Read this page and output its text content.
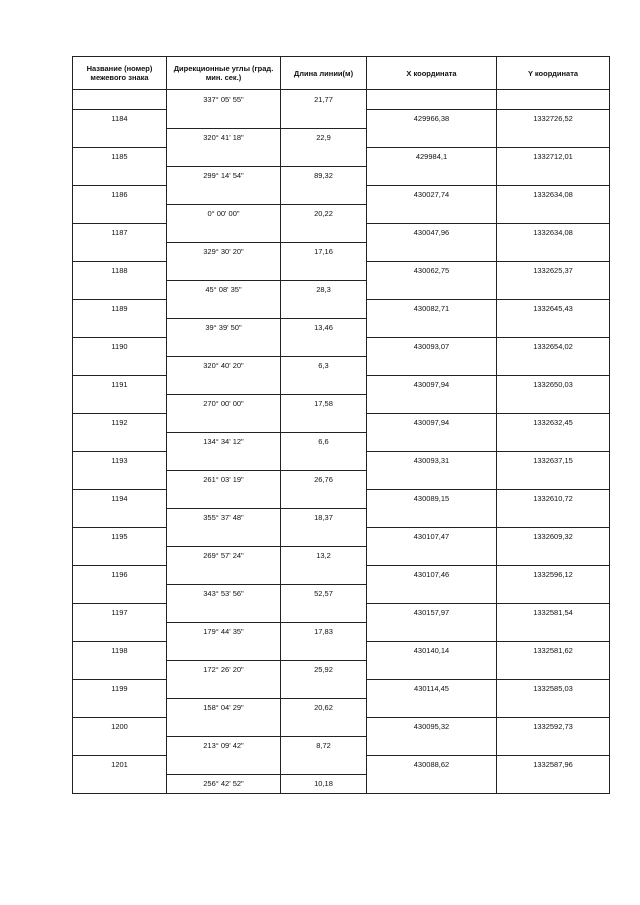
Название (номер) межевого знака	Дирекционные углы (град. мин. сек.)	Длина линии(м)	X координата	Y координата
	337° 05' 55"	21,77		
1184			429966,38	1332726,52
	320° 41' 18"	22,9		
1185			429984,1	1332712,01
	299° 14' 54"	89,32		
1186			430027,74	1332634,08
	0° 00' 00"	20,22		
1187			430047,96	1332634,08
	329° 30' 20"	17,16		
1188			430062,75	1332625,37
	45° 08' 35"	28,3		
1189			430082,71	1332645,43
	39° 39' 50"	13,46		
1190			430093,07	1332654,02
	320° 40' 20"	6,3		
1191			430097,94	1332650,03
	270° 00' 00"	17,58		
1192			430097,94	1332632,45
	134° 34' 12"	6,6		
1193			430093,31	1332637,15
	261° 03' 19"	26,76		
1194			430089,15	1332610,72
	355° 37' 48"	18,37		
1195			430107,47	1332609,32
	269° 57' 24"	13,2		
1196			430107,46	1332596,12
	343° 53' 56"	52,57		
1197			430157,97	1332581,54
	179° 44' 35"	17,83		
1198			430140,14	1332581,62
	172° 26' 20"	25,92		
1199			430114,45	1332585,03
	158° 04' 29"	20,62		
1200			430095,32	1332592,73
	213° 09' 42"	8,72		
1201			430088,62	1332587,96
	256° 42' 52"	10,18		
